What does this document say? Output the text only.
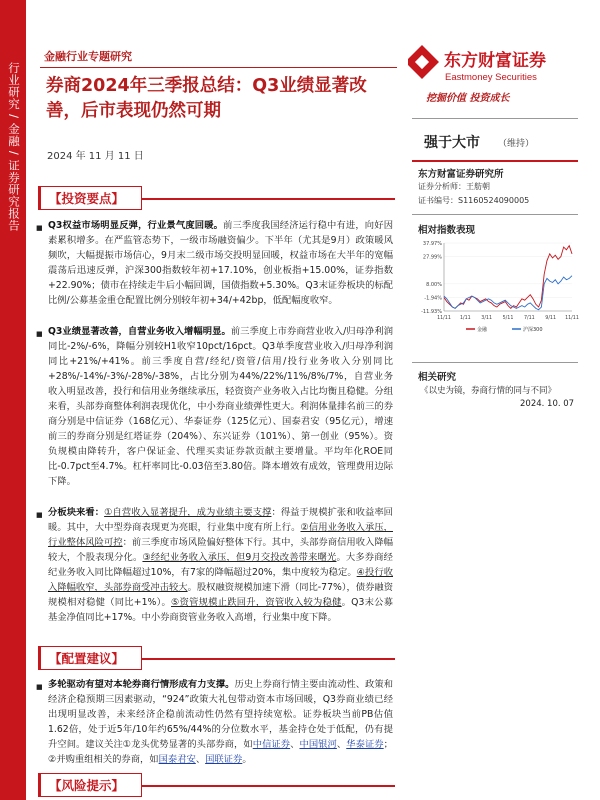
行业研究 / 金融 / 证券研究报告
金融行业专题研究
券商2024年三季报总结：Q3业绩显著改善，后市表现仍然可期
2024 年 11 月 11 日
东方财富证券
Eastmoney Securities
挖掘价值 投资成长
强于大市 （维持）
东方财富证券研究所
证券分析师：王舫朝
证书编号：S1160524090005
相对指数表现
37.97%
27.99%
8.00%
-1.94%
-11.93%
11/11 1/11 3/11 5/11 7/11 9/11 11/11
金融	沪深300
相关研究
《以史为镜，券商行情的同与不同》
2024. 10. 07
【投资要点】
■ Q3权益市场明显反弹，行业景气度回暖。前三季度我国经济运行稳中有进，向好因素累积增多。在严监管态势下，一级市场融资偏少。下半年（尤其是9月）政策暖风频吹，大幅提振市场信心，9月末二级市场交投明显回暖，权益市场在大半年的宽幅震荡后迅速反弹，沪深300指数较年初+17.10%，创业板指+15.00%，证券指数+22.90%；债市在持续走牛后小幅回调，国债指数+5.30%。Q3末证券板块的标配比例/公募基金重仓配置比例分别较年初+34/+42bp，低配幅度收窄。
■ Q3业绩显著改善，自营业务收入增幅明显。前三季度上市券商营业收入/归母净利润同比-2%/-6%，降幅分别较H1收窄10pct/16pct。Q3单季度营业收入/归母净利润同比+21%/+41%。前三季度自营/经纪/资管/信用/投行业务收入分别同比+28%/-14%/-3%/-28%/-38%，占比分别为44%/22%/11%/8%/7%，自营业务收入明显改善，投行和信用业务继续承压，轻资资产业务收入占比均衡且稳健。分组来看，头部券商整体利润表现优化，中小券商业绩弹性更大。利润体量排名前三的券商分别是中信证券（168亿元）、华泰证券（125亿元）、国泰君安（95亿元），增速前三的券商分别是红塔证券（204%）、东兴证券（101%）、第一创业（95%）。资负规模由降转升，客户保证金、代理买卖证券款贡献主要增量。平均年化ROE同比-0.7pct至4.7%。杠杆率同比-0.03倍至3.80倍。降本增效有成效，管理费用边际下降。
■ 分板块来看：①自营收入显著提升，成为业绩主要支撑：得益于规模扩张和收益率回暖。其中，大中型券商表现更为亮眼，行业集中度有所上行。②信用业务收入承压，行业整体风险可控：前三季度市场风险偏好整体下行。其中，头部券商信用收入降幅较大，个股表现分化。③经纪业务收入承压，但9月交投改善带来曙光。大多券商经纪业务收入同比降幅超过10%，有7家的降幅超过20%，集中度较为稳定。④投行收入降幅收窄，头部券商受冲击较大。股权融资规模加速下滑（同比-77%），债券融资规模相对稳健（同比+1%）。⑤资管规模止跌回升，资管收入较为稳健。Q3末公募基金净值同比+17%。中小券商资管业务收入高增，行业集中度下降。
【配置建议】
■ 多轮驱动有望对本轮券商行情形成有力支撑。历史上券商行情主要由流动性、政策和经济企稳预期三因素驱动，“924”政策大礼包带动资本市场回暖，Q3券商业绩已经出现明显改善，未来经济企稳前流动性仍然有望持续宽松。证券板块当前PB估值1.62倍，处于近5年/10年约65%/44%的分位数水平，基金持仓处于低配，仍有提升空间。建议关注①龙头优势显著的头部券商，如中信证券、中国银河、华泰证券；②并购重组相关的券商，如国泰君安、国联证券。
【风险提示】
